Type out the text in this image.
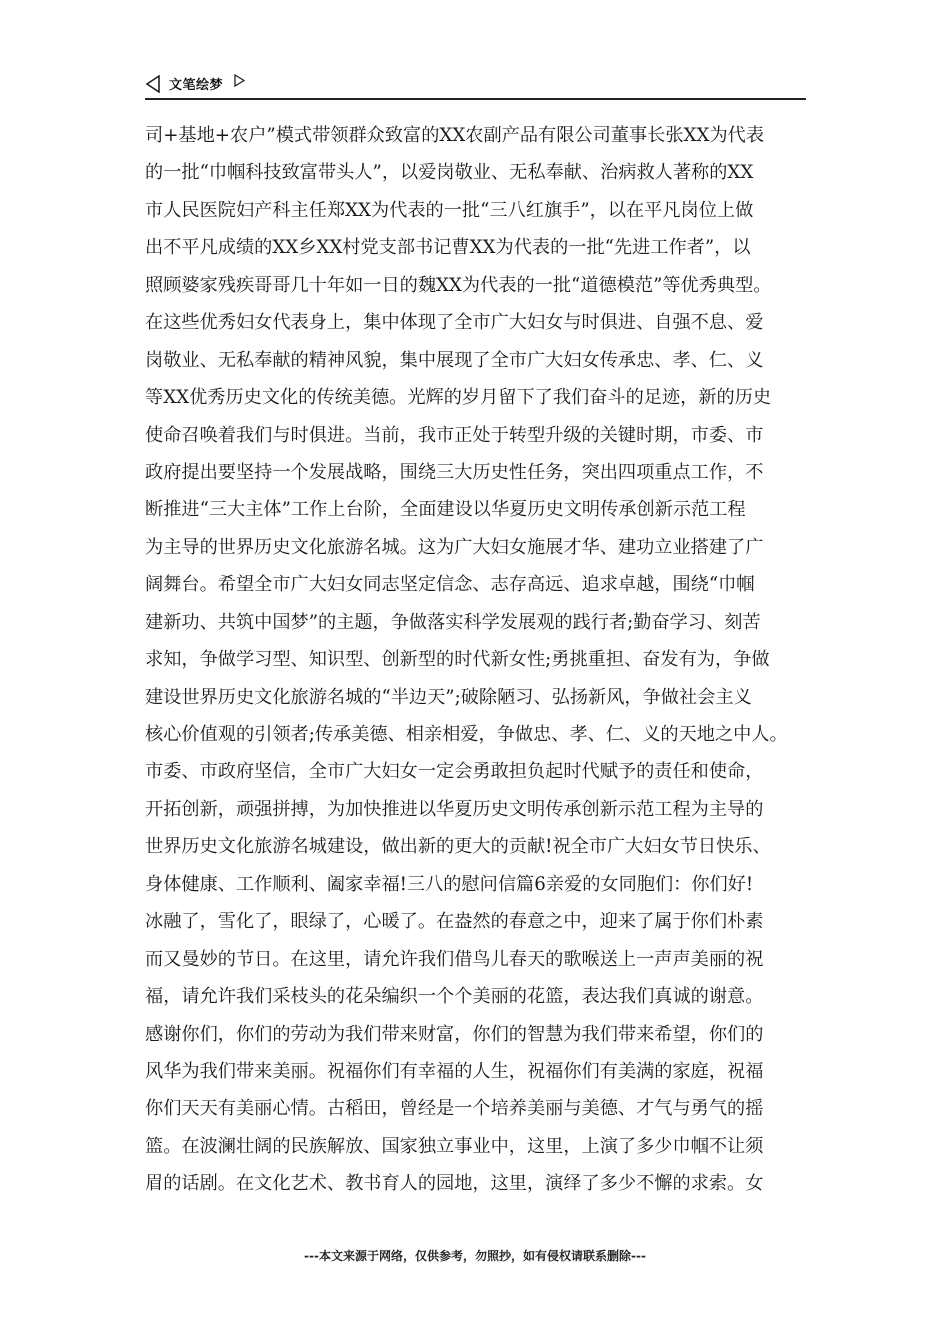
文笔绘梦
司+基地+农户”模式带领群众致富的XX农副产品有限公司董事长张XX为代表
的一批“巾帼科技致富带头人”，以爱岗敬业、无私奉献、治病救人著称的XX
市人民医院妇产科主任郑XX为代表的一批“三八红旗手”，以在平凡岗位上做
出不平凡成绩的XX乡XX村党支部书记曹XX为代表的一批“先进工作者”，以
照顾婆家残疾哥哥几十年如一日的魏XX为代表的一批“道德模范”等优秀典型。
在这些优秀妇女代表身上，集中体现了全市广大妇女与时俱进、自强不息、爱
岗敬业、无私奉献的精神风貌，集中展现了全市广大妇女传承忠、孝、仁、义
等XX优秀历史文化的传统美德。光辉的岁月留下了我们奋斗的足迹，新的历史
使命召唤着我们与时俱进。当前，我市正处于转型升级的关键时期，市委、市
政府提出要坚持一个发展战略，围绕三大历史性任务，突出四项重点工作，不
断推进“三大主体”工作上台阶，全面建设以华夏历史文明传承创新示范工程
为主导的世界历史文化旅游名城。这为广大妇女施展才华、建功立业搭建了广
阔舞台。希望全市广大妇女同志坚定信念、志存高远、追求卓越，围绕“巾帼
建新功、共筑中国梦”的主题，争做落实科学发展观的践行者;勤奋学习、刻苦
求知，争做学习型、知识型、创新型的时代新女性;勇挑重担、奋发有为，争做
建设世界历史文化旅游名城的“半边天”;破除陋习、弘扬新风，争做社会主义
核心价值观的引领者;传承美德、相亲相爱，争做忠、孝、仁、义的天地之中人。
市委、市政府坚信，全市广大妇女一定会勇敢担负起时代赋予的责任和使命，
开拓创新，顽强拼搏，为加快推进以华夏历史文明传承创新示范工程为主导的
世界历史文化旅游名城建设，做出新的更大的贡献!祝全市广大妇女节日快乐、
身体健康、工作顺利、阖家幸福!三八的慰问信篇6亲爱的女同胞们：你们好!
冰融了，雪化了，眼绿了，心暖了。在盎然的春意之中，迎来了属于你们朴素
而又曼妙的节日。在这里，请允许我们借鸟儿春天的歌喉送上一声声美丽的祝
福，请允许我们采枝头的花朵编织一个个美丽的花篮，表达我们真诚的谢意。
感谢你们，你们的劳动为我们带来财富，你们的智慧为我们带来希望，你们的
风华为我们带来美丽。祝福你们有幸福的人生，祝福你们有美满的家庭，祝福
你们天天有美丽心情。古稻田，曾经是一个培养美丽与美德、才气与勇气的摇
篮。在波澜壮阔的民族解放、国家独立事业中，这里，上演了多少巾帼不让须
眉的话剧。在文化艺术、教书育人的园地，这里，演绎了多少不懈的求索。女
---本文来源于网络，仅供参考，勿照抄，如有侵权请联系删除---
